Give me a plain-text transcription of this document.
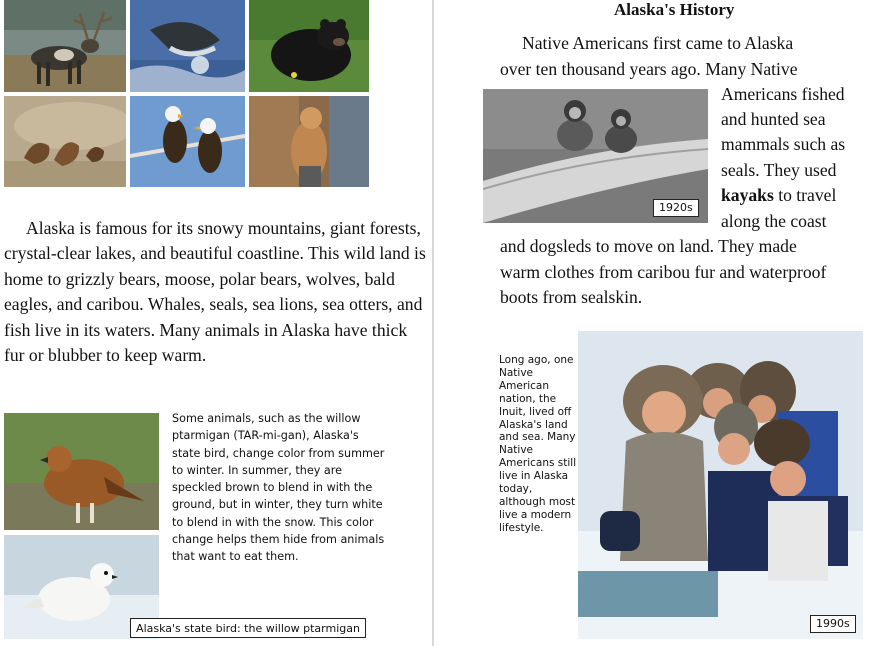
Alaska is famous for its snowy mountains, giant forests, crystal-clear lakes, and beautiful coastline. This wild land is home to grizzly bears, moose, polar bears, wolves, bald eagles, and caribou. Whales, seals, sea lions, sea otters, and fish live in its waters. Many animals in Alaska have thick fur or blubber to keep warm.

Some animals, such as the willow ptarmigan (TAR-mi-gan), Alaska's state bird, change color from summer to winter. In summer, they are speckled brown to blend in with the ground, but in winter, they turn white to blend in with the snow. This color change helps them hide from animals that want to eat them.

Alaska's state bird: the willow ptarmigan
Alaska's History

Native Americans first came to Alaska

over ten thousand years ago. Many Native

Americans fished

and hunted sea

mammals such as

seals. They used

kayaks to travel

along the coast

and dogsleds to move on land. They made

warm clothes from caribou fur and waterproof

boots from sealskin.

1920s

Long ago, one Native American nation, the Inuit, lived off Alaska's land and sea. Many Native Americans still live in Alaska today, although most live a modern lifestyle.

1990s
